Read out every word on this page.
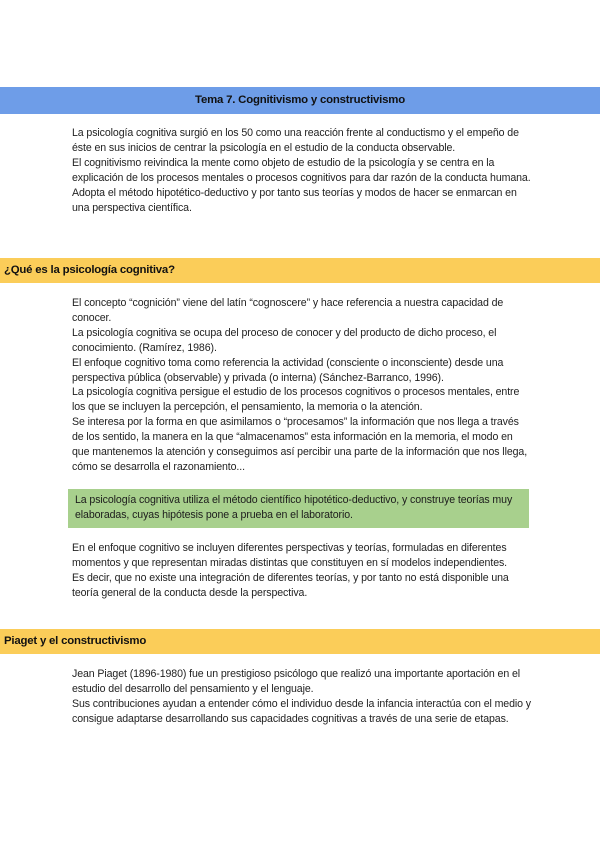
Tema 7. Cognitivismo y constructivismo

La psicología cognitiva surgió en los 50 como una reacción frente al conductismo y el empeño de éste en sus inicios de centrar la psicología en el estudio de la conducta observable.

El cognitivismo reivindica la mente como objeto de estudio de la psicología y se centra en la explicación de los procesos mentales o procesos cognitivos para dar razón de la conducta humana.

Adopta el método hipotético-deductivo y por tanto sus teorías y modos de hacer se enmarcan en una perspectiva científica.

¿Qué es la psicología cognitiva?

El concepto “cognición” viene del latín “cognoscere” y hace referencia a nuestra capacidad de conocer.

La psicología cognitiva se ocupa del proceso de conocer y del producto de dicho proceso, el conocimiento. (Ramírez, 1986).

El enfoque cognitivo toma como referencia la actividad (consciente o inconsciente) desde una perspectiva pública (observable) y privada (o interna) (Sánchez-Barranco, 1996).

La psicología cognitiva persigue el estudio de los procesos cognitivos o procesos mentales, entre los que se incluyen la percepción, el pensamiento, la memoria o la atención.

Se interesa por la forma en que asimilamos o “procesamos” la información que nos llega a través de los sentido, la manera en la que “almacenamos” esta información en la memoria, el modo en que mantenemos la atención y conseguimos así percibir una parte de la información que nos llega, cómo se desarrolla el razonamiento...

La psicología cognitiva utiliza el método científico hipotético-deductivo, y construye teorías muy elaboradas, cuyas hipótesis pone a prueba en el laboratorio.

En el enfoque cognitivo se incluyen diferentes perspectivas y teorías, formuladas en diferentes momentos y que representan miradas distintas que constituyen en sí modelos independientes.

Es decir, que no existe una integración de diferentes teorías, y por tanto no está disponible una teoría general de la conducta desde la perspectiva.

Piaget y el constructivismo

Jean Piaget (1896-1980) fue un prestigioso psicólogo que realizó una importante aportación en el estudio del desarrollo del pensamiento y el lenguaje.

Sus contribuciones ayudan a entender cómo el individuo desde la infancia interactúa con el medio y consigue adaptarse desarrollando sus capacidades cognitivas a través de una serie de etapas.
